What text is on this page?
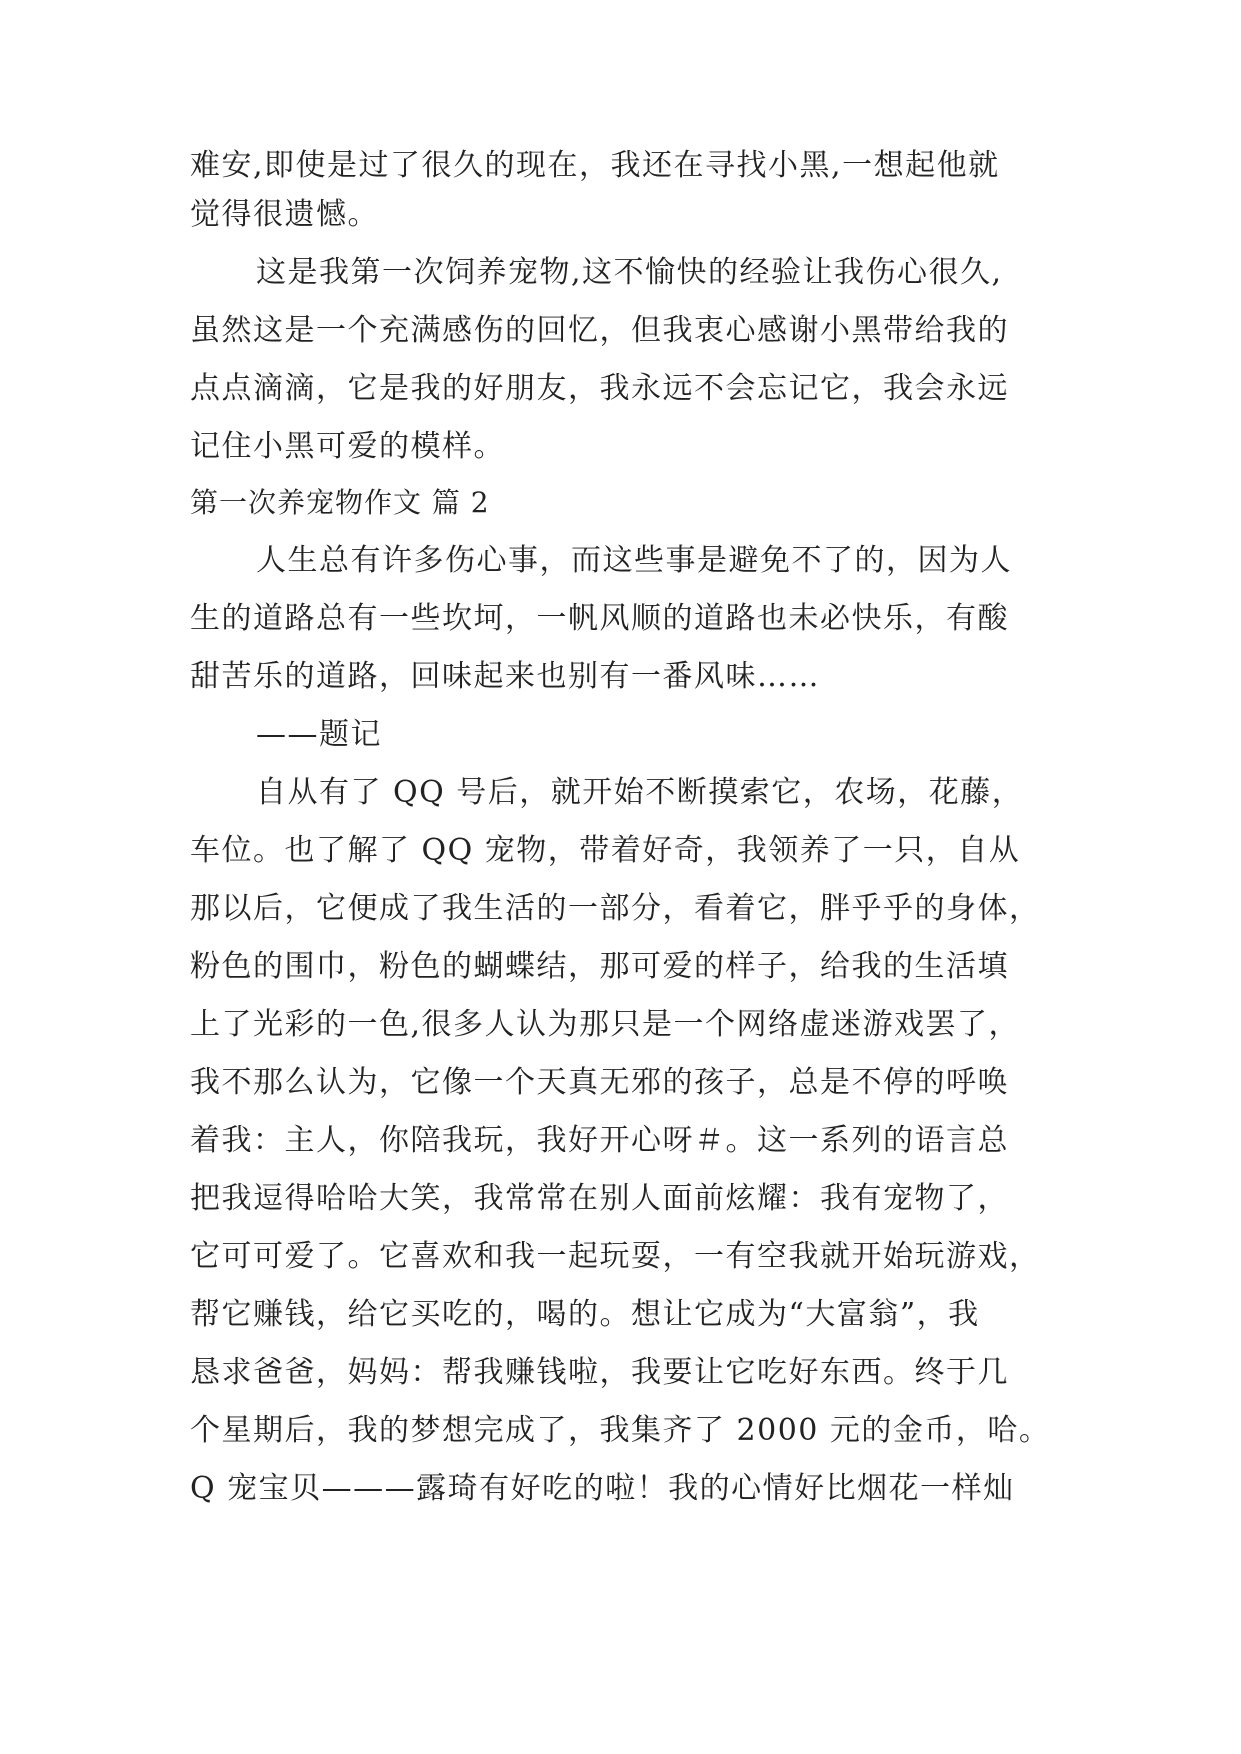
难安,即使是过了很久的现在，我还在寻找小黑,一想起他就

觉得很遗憾。

这是我第一次饲养宠物,这不愉快的经验让我伤心很久,

虽然这是一个充满感伤的回忆，但我衷心感谢小黑带给我的

点点滴滴，它是我的好朋友，我永远不会忘记它，我会永远

记住小黑可爱的模样。

第一次养宠物作文 篇 2

人生总有许多伤心事，而这些事是避免不了的，因为人

生的道路总有一些坎坷，一帆风顺的道路也未必快乐，有酸

甜苦乐的道路，回味起来也别有一番风味……

——题记

自从有了 QQ 号后，就开始不断摸索它，农场，花藤，

车位。也了解了 QQ 宠物，带着好奇，我领养了一只，自从

那以后，它便成了我生活的一部分，看着它，胖乎乎的身体，

粉色的围巾，粉色的蝴蝶结，那可爱的样子，给我的生活填

上了光彩的一色,很多人认为那只是一个网络虚迷游戏罢了，

我不那么认为，它像一个天真无邪的孩子，总是不停的呼唤

着我：主人，你陪我玩，我好开心呀＃。这一系列的语言总

把我逗得哈哈大笑，我常常在别人面前炫耀：我有宠物了，

它可可爱了。它喜欢和我一起玩耍，一有空我就开始玩游戏，

帮它赚钱，给它买吃的，喝的。想让它成为“大富翁”，我

恳求爸爸，妈妈：帮我赚钱啦，我要让它吃好东西。终于几

个星期后，我的梦想完成了，我集齐了 2000 元的金币，哈。

Q 宠宝贝———露琦有好吃的啦！我的心情好比烟花一样灿
